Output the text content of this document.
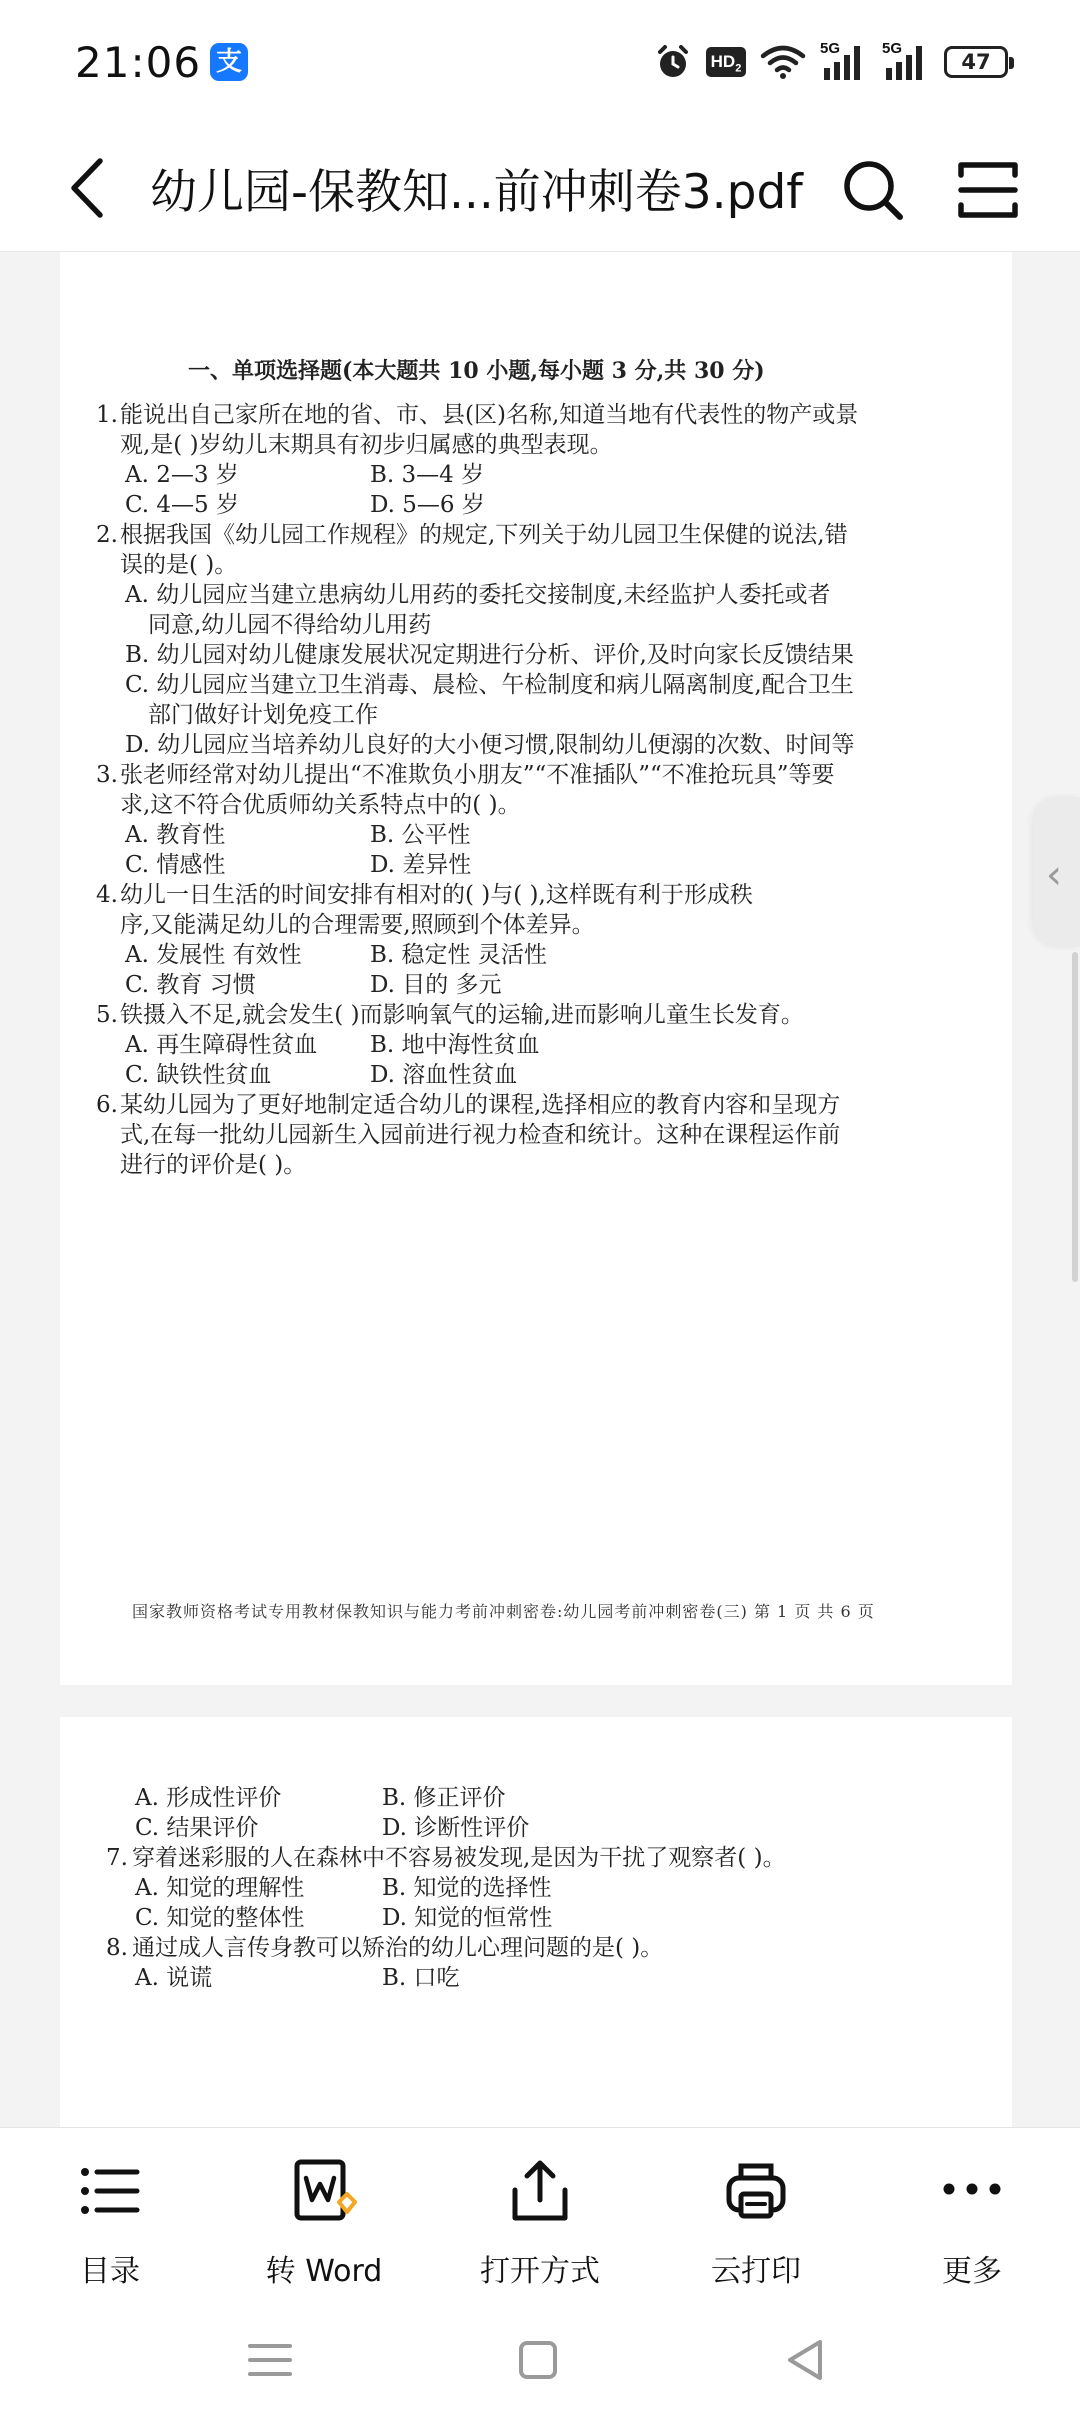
21:06 支	$HD_2$
5G	5G
47
幼儿园-保教知...前冲刺卷3.pdf
一、单项选择题(本大题共 10 小题,每小题 3 分,共 30 分)
1. 能说出自己家所在地的省、市、县(区)名称,知道当地有代表性的物产或景
观,是( )岁幼儿末期具有初步归属感的典型表现。
A. 2—3 岁	B. 3—4 岁
C. 4—5 岁	D. 5—6 岁
2. 根据我国《幼儿园工作规程》的规定,下列关于幼儿园卫生保健的说法,错
误的是( )。
A. 幼儿园应当建立患病幼儿用药的委托交接制度,未经监护人委托或者
同意,幼儿园不得给幼儿用药
B. 幼儿园对幼儿健康发展状况定期进行分析、评价,及时向家长反馈结果
C. 幼儿园应当建立卫生消毒、晨检、午检制度和病儿隔离制度,配合卫生
部门做好计划免疫工作
D. 幼儿园应当培养幼儿良好的大小便习惯,限制幼儿便溺的次数、时间等
3. 张老师经常对幼儿提出“不准欺负小朋友”“不准插队”“不准抢玩具”等要
求,这不符合优质师幼关系特点中的( )。
A. 教育性	B. 公平性
C. 情感性	D. 差异性
4. 幼儿一日生活的时间安排有相对的( )与( ),这样既有利于形成秩
序,又能满足幼儿的合理需要,照顾到个体差异。
A. 发展性 有效性	B. 稳定性 灵活性
C. 教育 习惯	D. 目的 多元
5. 铁摄入不足,就会发生( )而影响氧气的运输,进而影响儿童生长发育。
A. 再生障碍性贫血 B. 地中海性贫血
C. 缺铁性贫血	D. 溶血性贫血
6. 某幼儿园为了更好地制定适合幼儿的课程,选择相应的教育内容和呈现方
式,在每一批幼儿园新生入园前进行视力检查和统计。这种在课程运作前
进行的评价是( )。
国家教师资格考试专用教材保教知识与能力考前冲刺密卷:幼儿园考前冲刺密卷(三) 第 1 页 共 6 页
A. 形成性评价	B. 修正评价
C. 结果评价	D. 诊断性评价
7. 穿着迷彩服的人在森林中不容易被发现,是因为干扰了观察者( )。
A. 知觉的理解性	B. 知觉的选择性
C. 知觉的整体性	D. 知觉的恒常性
8. 通过成人言传身教可以矫治的幼儿心理问题的是( )。
A. 说谎	B. 口吃
‹
目录	转 Word	打开方式	云打印	更多
